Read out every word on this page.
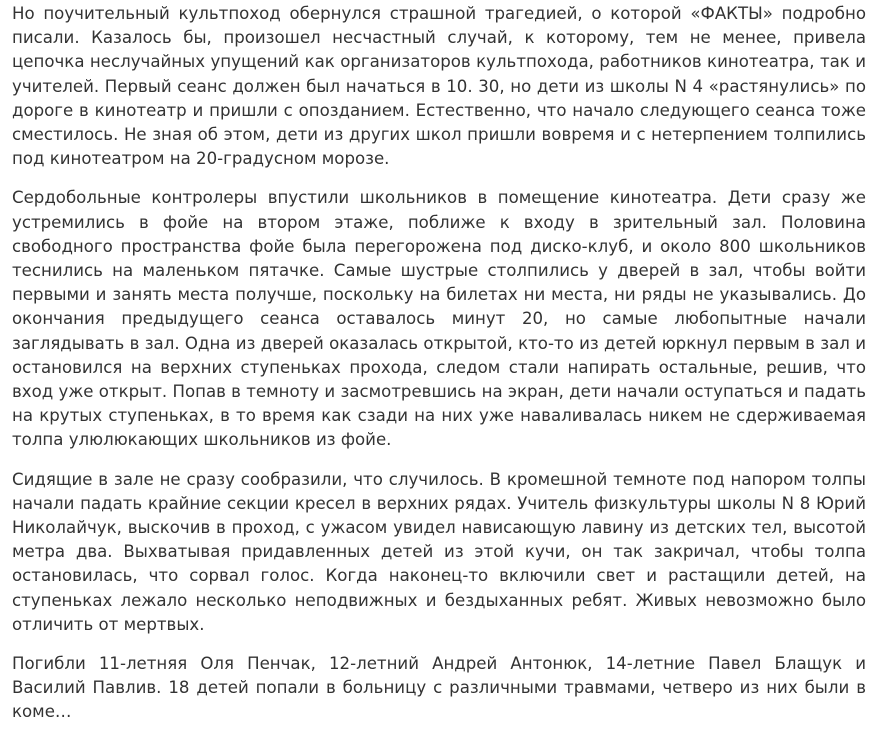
Но поучительный культпоход обернулся страшной трагедией, о которой «ФАКТЫ» подробно писали. Казалось бы, произошел несчастный случай, к которому, тем не менее, привела цепочка неслучайных упущений как организаторов культпохода, работников кинотеатра, так и учителей. Первый сеанс должен был начаться в 10. 30, но дети из школы N 4 «растянулись» по дороге в кинотеатр и пришли с опозданием. Естественно, что начало следующего сеанса тоже сместилось. Не зная об этом, дети из других школ пришли вовремя и с нетерпением толпились под кинотеатром на 20-градусном морозе.

Сердобольные контролеры впустили школьников в помещение кинотеатра. Дети сразу же устремились в фойе на втором этаже, поближе к входу в зрительный зал. Половина свободного пространства фойе была перегорожена под диско-клуб, и около 800 школьников теснились на маленьком пятачке. Самые шустрые столпились у дверей в зал, чтобы войти первыми и занять места получше, поскольку на билетах ни места, ни ряды не указывались. До окончания предыдущего сеанса оставалось минут 20, но самые любопытные начали заглядывать в зал. Одна из дверей оказалась открытой, кто-то из детей юркнул первым в зал и остановился на верхних ступеньках прохода, следом стали напирать остальные, решив, что вход уже открыт. Попав в темноту и засмотревшись на экран, дети начали оступаться и падать на крутых ступеньках, в то время как сзади на них уже наваливалась никем не сдерживаемая толпа улюлюкающих школьников из фойе.

Сидящие в зале не сразу сообразили, что случилось. В кромешной темноте под напором толпы начали падать крайние секции кресел в верхних рядах. Учитель физкультуры школы N 8 Юрий Николайчук, выскочив в проход, с ужасом увидел нависающую лавину из детских тел, высотой метра два. Выхватывая придавленных детей из этой кучи, он так закричал, чтобы толпа остановилась, что сорвал голос. Когда наконец-то включили свет и растащили детей, на ступеньках лежало несколько неподвижных и бездыханных ребят. Живых невозможно было отличить от мертвых.

Погибли 11-летняя Оля Пенчак, 12-летний Андрей Антонюк, 14-летние Павел Блащук и Василий Павлив. 18 детей попали в больницу с различными травмами, четверо из них были в коме…
